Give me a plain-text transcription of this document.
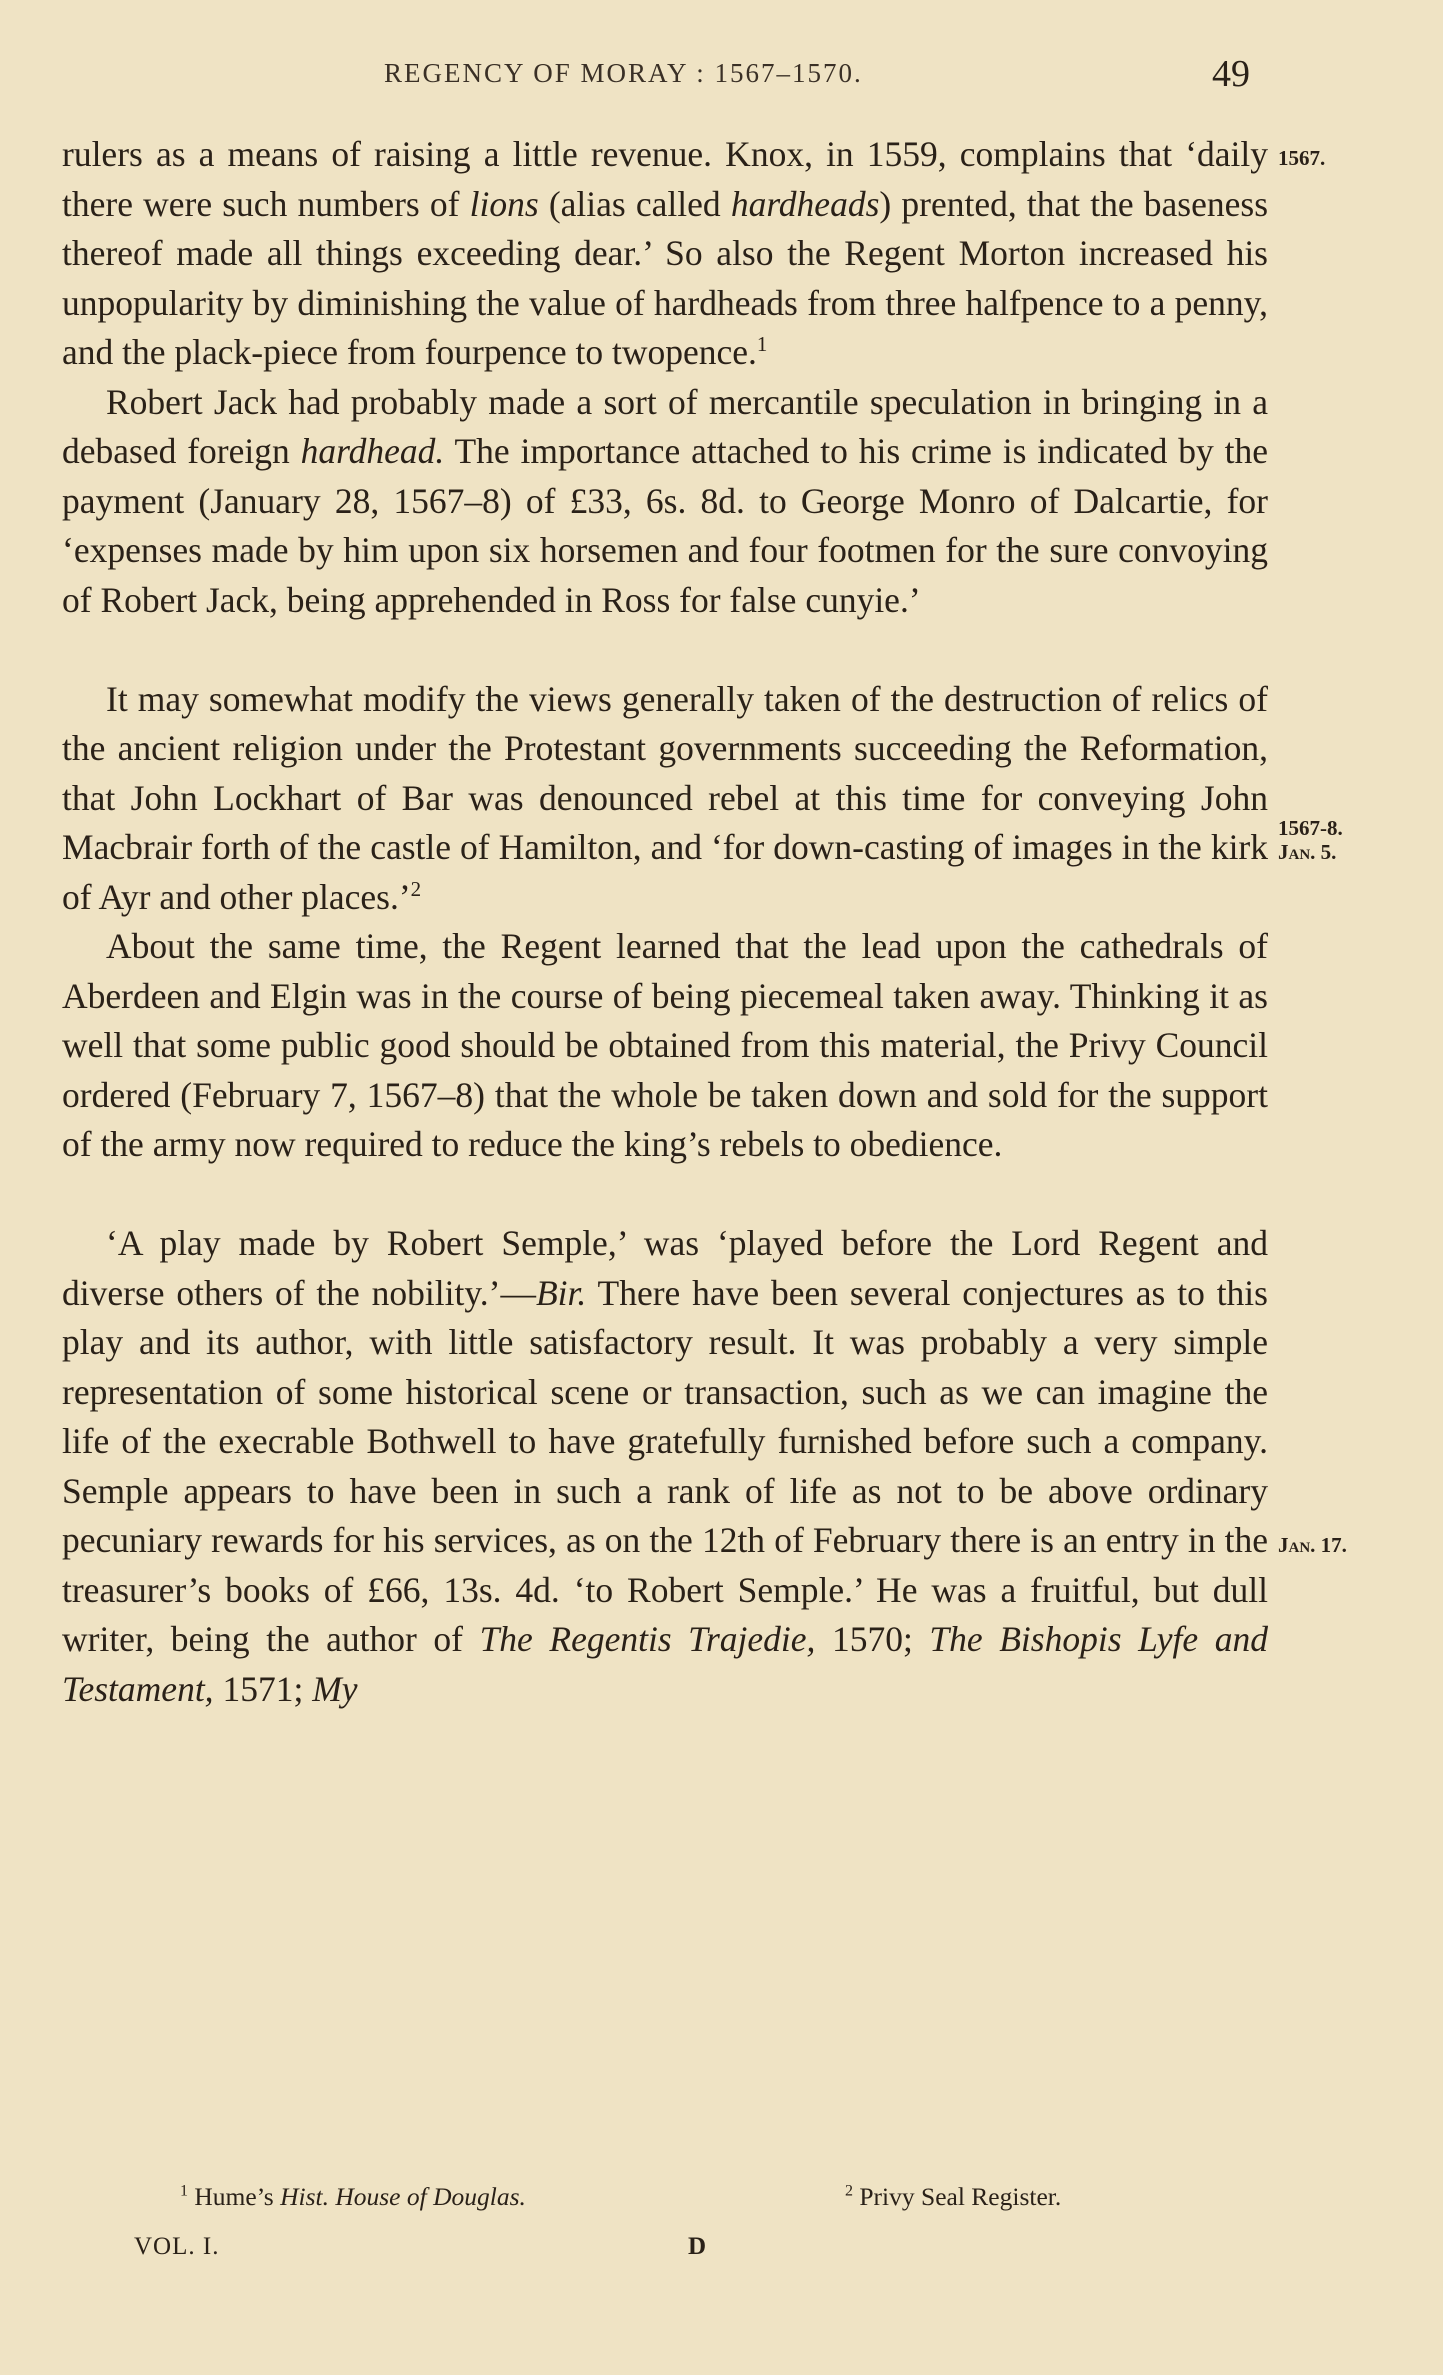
REGENCY OF MORAY : 1567–1570.	49
1567.
1567-8.
Jan. 5.
Jan. 17.

rulers as a means of raising a little revenue. Knox, in 1559, complains that ‘daily there were such numbers of lions (alias called hardheads) prented, that the baseness thereof made all things exceeding dear.’ So also the Regent Morton increased his unpopularity by diminishing the value of hardheads from three halfpence to a penny, and the plack-piece from fourpence to twopence.$^1$

Robert Jack had probably made a sort of mercantile speculation in bringing in a debased foreign hardhead. The importance attached to his crime is indicated by the payment (January 28, 1567–8) of £33, 6s. 8d. to George Monro of Dalcartie, for ‘expenses made by him upon six horsemen and four footmen for the sure convoying of Robert Jack, being apprehended in Ross for false cunyie.’

It may somewhat modify the views generally taken of the destruction of relics of the ancient religion under the Protestant governments succeeding the Reformation, that John Lockhart of Bar was denounced rebel at this time for conveying John Macbrair forth of the castle of Hamilton, and ‘for down-casting of images in the kirk of Ayr and other places.’$^2$

About the same time, the Regent learned that the lead upon the cathedrals of Aberdeen and Elgin was in the course of being piecemeal taken away. Thinking it as well that some public good should be obtained from this material, the Privy Council ordered (February 7, 1567–8) that the whole be taken down and sold for the support of the army now required to reduce the king’s rebels to obedience.

‘A play made by Robert Semple,’ was ‘played before the Lord Regent and diverse others of the nobility.’—Bir. There have been several conjectures as to this play and its author, with little satisfactory result. It was probably a very simple representation of some historical scene or transaction, such as we can imagine the life of the execrable Bothwell to have gratefully furnished before such a company. Semple appears to have been in such a rank of life as not to be above ordinary pecuniary rewards for his services, as on the 12th of February there is an entry in the treasurer’s books of £66, 13s. 4d. ‘to Robert Semple.’ He was a fruitful, but dull writer, being the author of The Regentis Trajedie, 1570; The Bishopis Lyfe and Testament, 1571; My

$^1$ Hume’s Hist. House of Douglas.	$^2$ Privy Seal Register.
VOL. I.	D
